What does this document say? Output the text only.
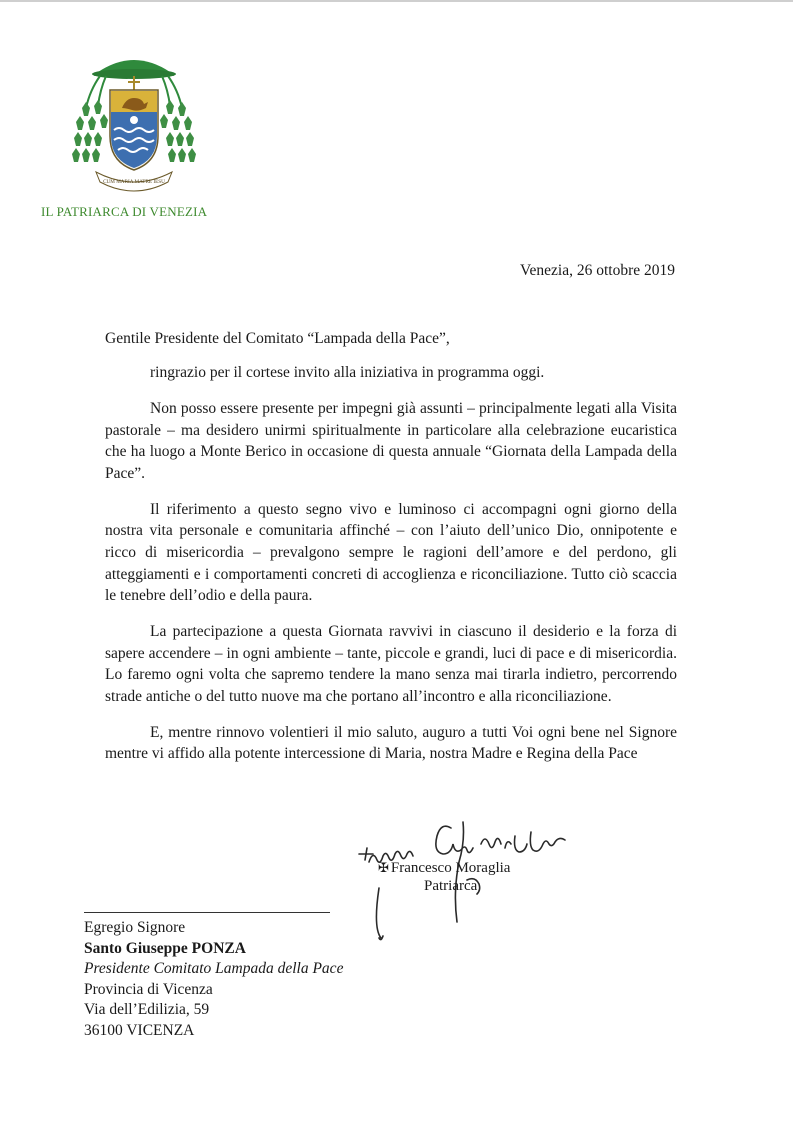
CUM MARIA MATRE IESU
IL PATRIARCA DI VENEZIA
Venezia, 26 ottobre 2019
Gentile Presidente del Comitato “Lampada della Pace”,

ringrazio per il cortese invito alla iniziativa in programma oggi.

Non posso essere presente per impegni già assunti – principalmente legati alla Visita pastorale – ma desidero unirmi spiritualmente in particolare alla celebrazione eucaristica che ha luogo a Monte Berico in occasione di questa annuale “Giornata della Lampada della Pace”.

Il riferimento a questo segno vivo e luminoso ci accompagni ogni giorno della nostra vita personale e comunitaria affinché – con l’aiuto dell’unico Dio, onnipotente e ricco di misericordia – prevalgono sempre le ragioni dell’amore e del perdono, gli atteggiamenti e i comportamenti concreti di accoglienza e riconciliazione. Tutto ciò scaccia le tenebre dell’odio e della paura.

La partecipazione a questa Giornata ravvivi in ciascuno il desiderio e la forza di sapere accendere – in ogni ambiente – tante, piccole e grandi, luci di pace e di misericordia. Lo faremo ogni volta che sapremo tendere la mano senza mai tirarla indietro, percorrendo strade antiche o del tutto nuove ma che portano all’incontro e alla riconciliazione.

E, mentre rinnovo volentieri il mio saluto, auguro a tutti Voi ogni bene nel Signore mentre vi affido alla potente intercessione di Maria, nostra Madre e Regina della Pace

✠ Francesco Moraglia
Patriarca
Egregio Signore
Santo Giuseppe PONZA
Presidente Comitato Lampada della Pace
Provincia di Vicenza
Via dell’Edilizia, 59
36100 VICENZA
